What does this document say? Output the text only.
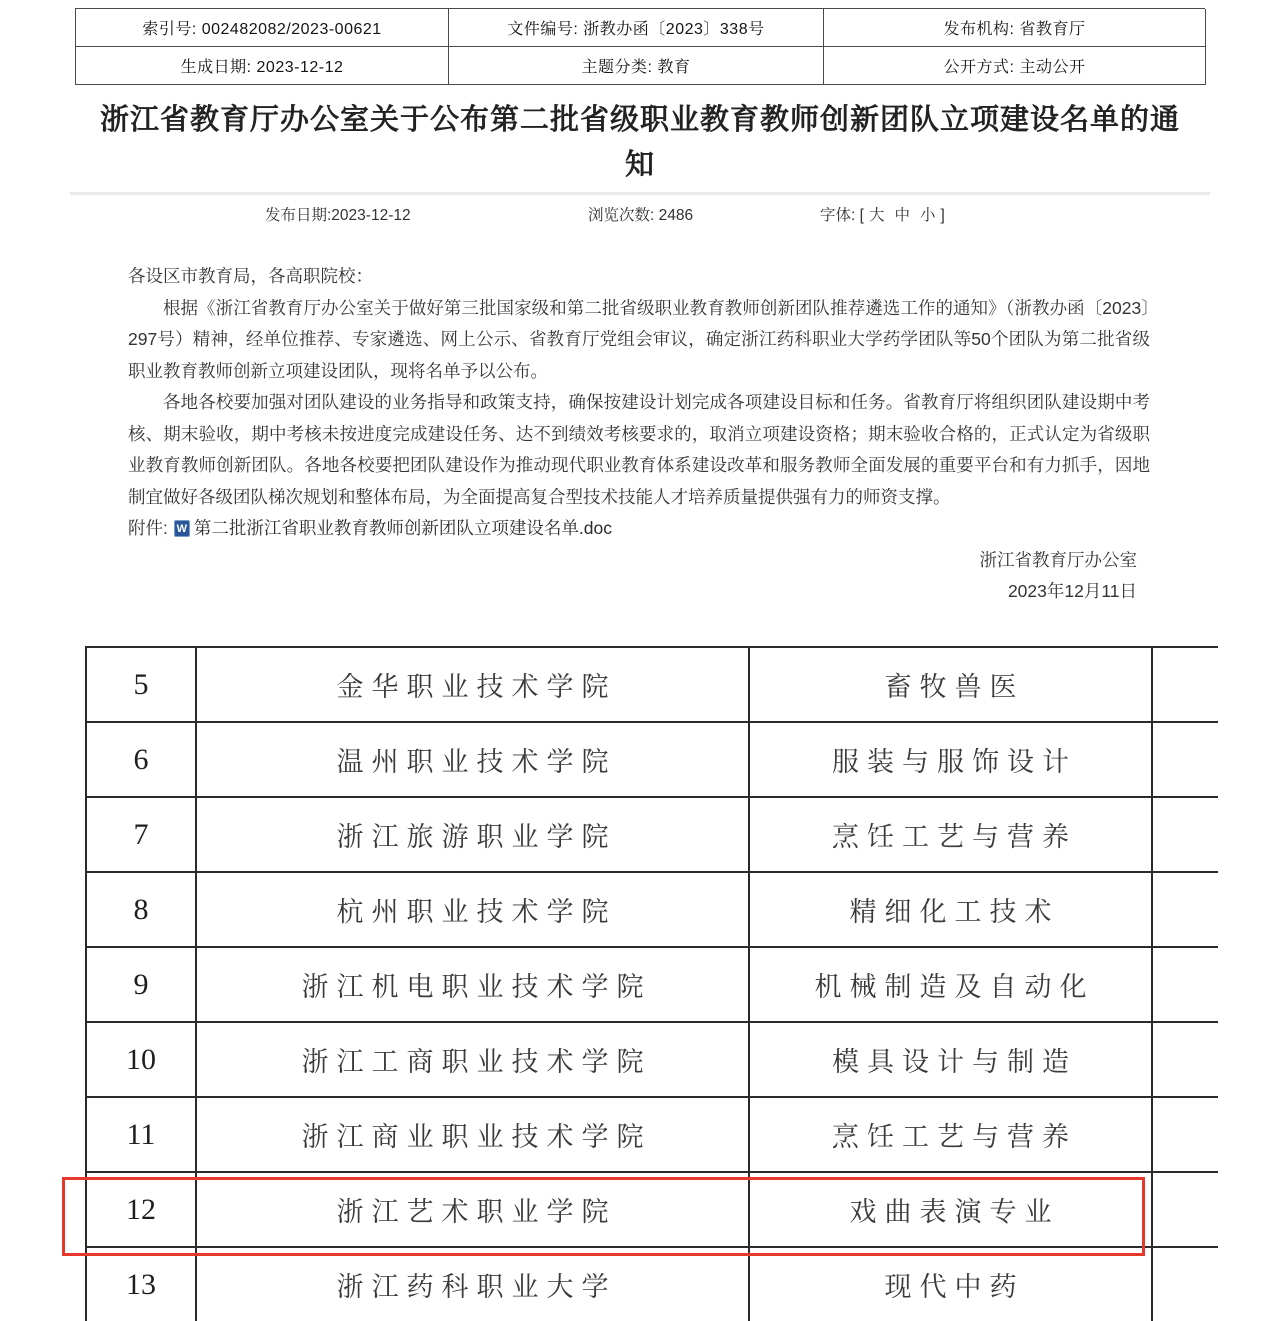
索引号: 002482082/2023-00621	文件编号: 浙教办函〔2023〕338号	发布机构: 省教育厅
生成日期: 2023-12-12	主题分类: 教育	公开方式: 主动公开
浙江省教育厅办公室关于公布第二批省级职业教育教师创新团队立项建设名单的通知
发布日期:2023-12-12	浏览次数: 2486	字体: [ 大 中 小 ]

各设区市教育局，各高职院校：

根据《浙江省教育厅办公室关于做好第三批国家级和第二批省级职业教育教师创新团队推荐遴选工作的通知》（浙教办函〔2023〕297号）精神，经单位推荐、专家遴选、网上公示、省教育厅党组会审议，确定浙江药科职业大学药学团队等50个团队为第二批省级职业教育教师创新立项建设团队，现将名单予以公布。

各地各校要加强对团队建设的业务指导和政策支持，确保按建设计划完成各项建设目标和任务。省教育厅将组织团队建设期中考核、期末验收，期中考核未按进度完成建设任务、达不到绩效考核要求的，取消立项建设资格；期末验收合格的，正式认定为省级职业教育教师创新团队。各地各校要把团队建设作为推动现代职业教育体系建设改革和服务教师全面发展的重要平台和有力抓手，因地制宜做好各级团队梯次规划和整体布局，为全面提高复合型技术技能人才培养质量提供强有力的师资支撑。

附件: W 第二批浙江省职业教育教师创新团队立项建设名单.doc

浙江省教育厅办公室

2023年12月11日

5	金华职业技术学院	畜牧兽医
6	温州职业技术学院	服装与服饰设计
7	浙江旅游职业学院	烹饪工艺与营养
8	杭州职业技术学院	精细化工技术
9	浙江机电职业技术学院	机械制造及自动化
10	浙江工商职业技术学院	模具设计与制造
11	浙江商业职业技术学院	烹饪工艺与营养
12	浙江艺术职业学院	戏曲表演专业
13	浙江药科职业大学	现代中药
